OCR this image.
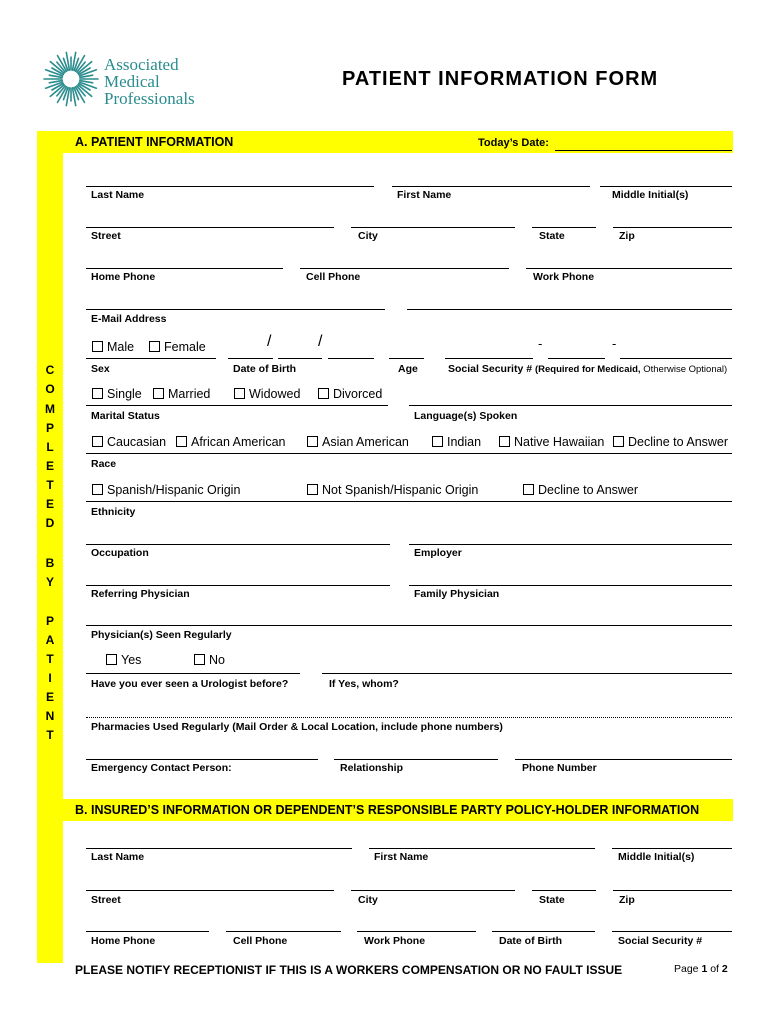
Associated
Medical
Professionals
PATIENT INFORMATION FORM
C
O
M
P
L
E
T
E
D
B
Y
P
A
T
I
E
N
T
A. PATIENT INFORMATION	Today’s Date:
Last Name	First Name	Middle Initial(s)
Street	City	State	Zip
Home Phone	Cell Phone	Work Phone
E-Mail Address
Male	Female	/	/	-	-
Sex	Date of Birth	Age	Social Security # (Required for Medicaid, Otherwise Optional)
Single	Married	Widowed	Divorced
Marital Status	Language(s) Spoken
Caucasian	African American	Asian American	Indian	Native Hawaiian	Decline to Answer
Race
Spanish/Hispanic Origin	Not Spanish/Hispanic Origin	Decline to Answer
Ethnicity
Occupation	Employer
Referring Physician	Family Physician
Physician(s) Seen Regularly
Yes	No
Have you ever seen a Urologist before?	If Yes, whom?
Pharmacies Used Regularly (Mail Order & Local Location, include phone numbers)
Emergency Contact Person:	Relationship	Phone Number
B. INSURED’S INFORMATION OR DEPENDENT’S RESPONSIBLE PARTY POLICY-HOLDER INFORMATION
Last Name	First Name	Middle Initial(s)
Street	City	State	Zip
Home Phone	Cell Phone	Work Phone	Date of Birth	Social Security #
PLEASE NOTIFY RECEPTIONIST IF THIS IS A WORKERS COMPENSATION OR NO FAULT ISSUE	Page 1 of 2
